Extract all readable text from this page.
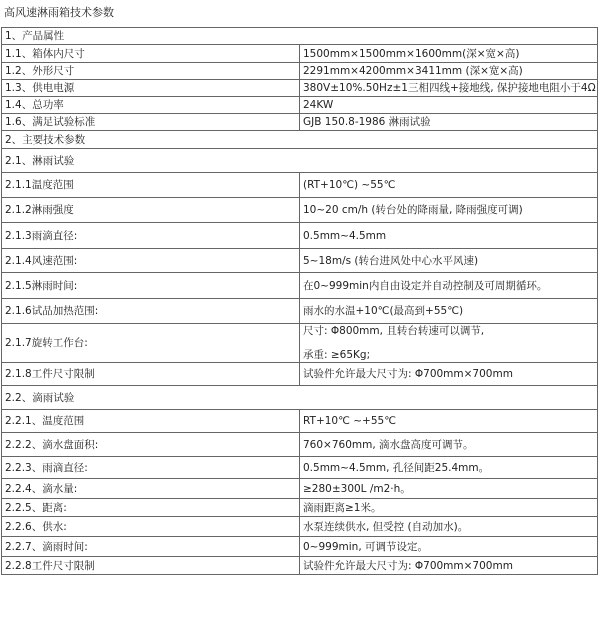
高风速淋雨箱技术参数
1、产品属性	
1.1、箱体内尺寸	1500mm×1500mm×1600mm(深×宽×高)
1.2、外形尺寸	2291mm×4200mm×3411mm (深×宽×高)
1.3、供电电源	380V±10%.50Hz±1三相四线+接地线, 保护接地电阻小于4Ω
1.4、总功率	24KW
1.6、满足试验标准	GJB 150.8-1986 淋雨试验
2、主要技术参数	
2.1、淋雨试验	
2.1.1温度范围	(RT+10℃) ~55℃
2.1.2淋雨强度	10~20 cm/h (转台处的降雨量, 降雨强度可调)
2.1.3雨滴直径:	0.5mm~4.5mm
2.1.4风速范围:	5~18m/s (转台进风处中心水平风速)
2.1.5淋雨时间:	在0~999min内自由设定并自动控制及可周期循环。
2.1.6试品加热范围:	雨水的水温+10℃(最高到+55℃)
2.1.7旋转工作台:	尺寸: Φ800mm, 且转台转速可以调节,
承重: ≥65Kg;

2.1.8工件尺寸限制	试验件允许最大尺寸为: Φ700mm×700mm
2.2、滴雨试验	
2.2.1、温度范围	RT+10℃ ~+55℃
2.2.2、滴水盘面积:	760×760mm, 滴水盘高度可调节。
2.2.3、雨滴直径:	0.5mm~4.5mm, 孔径间距25.4mm。
2.2.4、滴水量:	≥280±300L /m2·h。
2.2.5、距离:	滴雨距离≥1米。
2.2.6、供水:	水泵连续供水, 但受控 (自动加水)。
2.2.7、滴雨时间:	0~999min, 可调节设定。
2.2.8工件尺寸限制	试验件允许最大尺寸为: Φ700mm×700mm
